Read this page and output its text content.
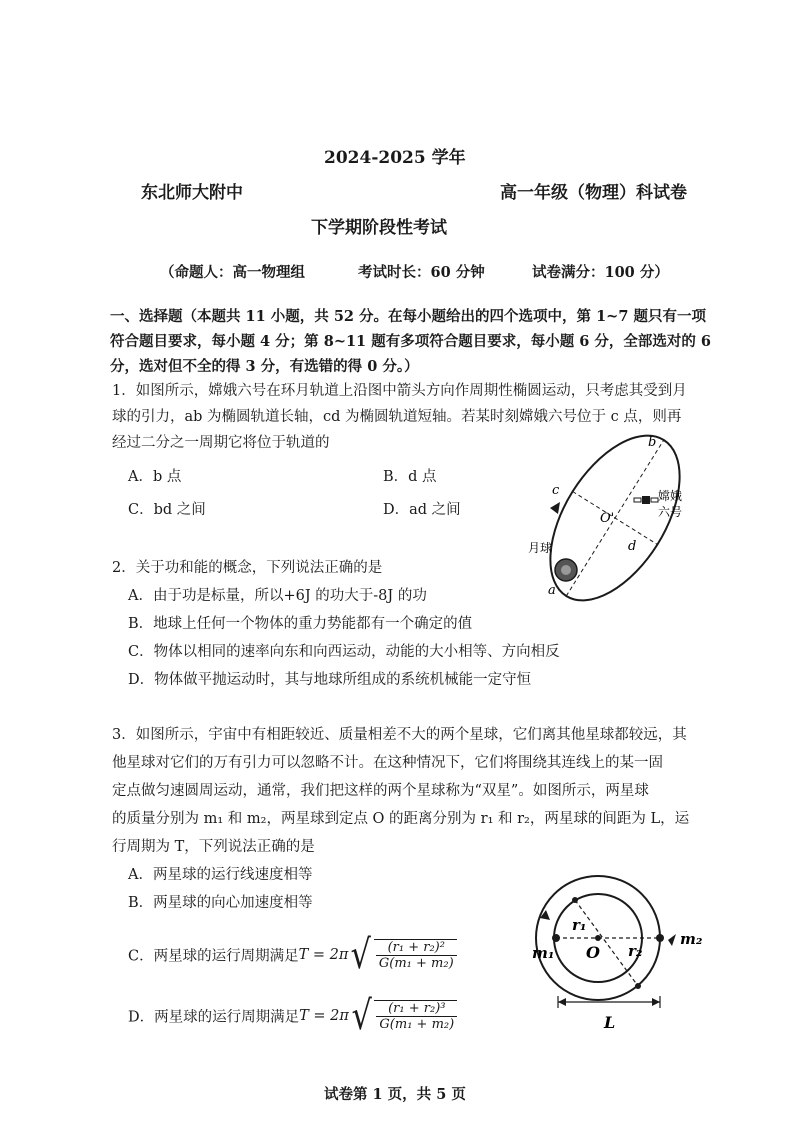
2024-2025 学年
东北师大附中	高一年级（物理）科试卷
下学期阶段性考试
（命题人：高一物理组	考试时长：60 分钟	试卷满分：100 分）
一、选择题（本题共 11 小题，共 52 分。在每小题给出的四个选项中，第 1~7 题只有一项
符合题目要求，每小题 4 分；第 8~11 题有多项符合题目要求，每小题 6 分，全部选对的 6
分，选对但不全的得 3 分，有选错的得 0 分。）
1．如图所示，嫦娥六号在环月轨道上沿图中箭头方向作周期性椭圆运动，只考虑其受到月
球的引力，ab 为椭圆轨道长轴，cd 为椭圆轨道短轴。若某时刻嫦娥六号位于 c 点，则再
经过二分之一周期它将位于轨道的
A．b 点	B．d 点
C．bd 之间	D．ad 之间
b
c
d
a
O'
月球
嫦娥
六号
2．关于功和能的概念，下列说法正确的是
A．由于功是标量，所以+6J 的功大于-8J 的功
B．地球上任何一个物体的重力势能都有一个确定的值
C．物体以相同的速率向东和向西运动，动能的大小相等、方向相反
D．物体做平抛运动时，其与地球所组成的系统机械能一定守恒
3．如图所示，宇宙中有相距较近、质量相差不大的两个星球，它们离其他星球都较远，其
他星球对它们的万有引力可以忽略不计。在这种情况下，它们将围绕其连线上的某一固
定点做匀速圆周运动，通常，我们把这样的两个星球称为“双星”。如图所示，两星球
的质量分别为 m₁ 和 m₂，两星球到定点 O 的距离分别为 r₁ 和 r₂，两星球的间距为 L，运
行周期为 T，下列说法正确的是
A．两星球的运行线速度相等
B．两星球的向心加速度相等
C．两星球的运行周期满足$T = 2\pi√ \frac{\text{(r₁ + r₂)²}}{\text{G(m₁ + m₂)}}$
D．两星球的运行周期满足$T = 2\pi√ \frac{\text{(r₁ + r₂)³}}{\text{G(m₁ + m₂)}}$
m₁
m₂
r₁
r₂
O
L
试卷第 1 页，共 5 页
